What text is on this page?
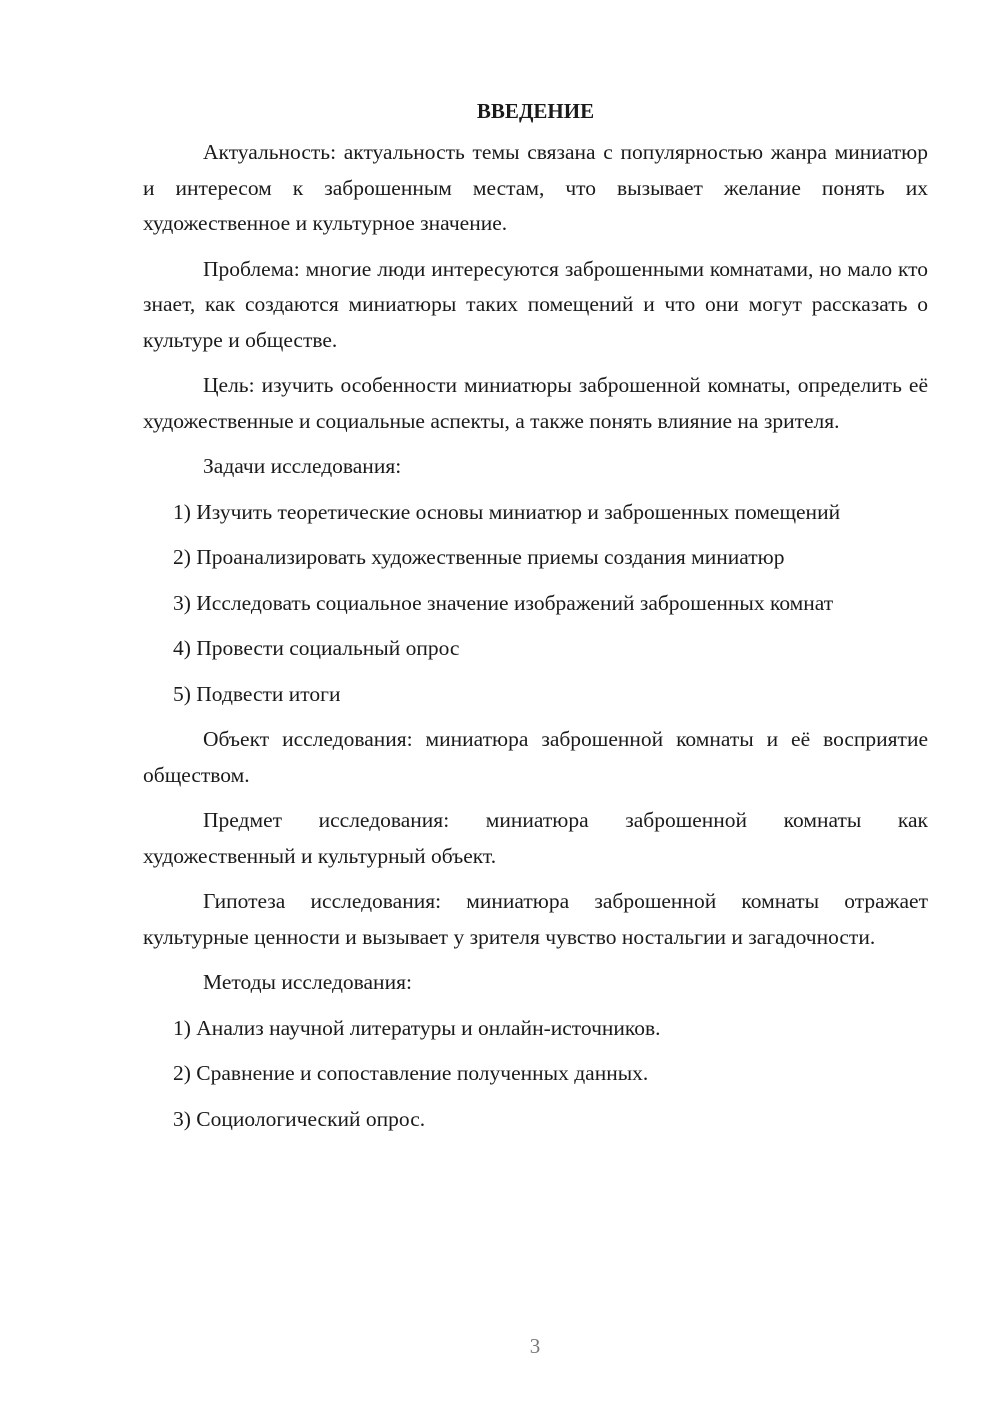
ВВЕДЕНИЕ

Актуальность: актуальность темы связана с популярностью жанра миниатюр и интересом к заброшенным местам, что вызывает желание понять их художественное и культурное значение.

Проблема: многие люди интересуются заброшенными комнатами, но мало кто знает, как создаются миниатюры таких помещений и что они могут рассказать о культуре и обществе.

Цель: изучить особенности миниатюры заброшенной комнаты, определить её художественные и социальные аспекты, а также понять влияние на зрителя.

Задачи исследования:

1) Изучить теоретические основы миниатюр и заброшенных помещений

2) Проанализировать художественные приемы создания миниатюр

3) Исследовать социальное значение изображений заброшенных комнат

4) Провести социальный опрос

5) Подвести итоги

Объект исследования: миниатюра заброшенной комнаты и её восприятие обществом.

Предмет исследования: миниатюра заброшенной комнаты как художественный и культурный объект.

Гипотеза исследования: миниатюра заброшенной комнаты отражает культурные ценности и вызывает у зрителя чувство ностальгии и загадочности.

Методы исследования:

1) Анализ научной литературы и онлайн-источников.

2) Сравнение и сопоставление полученных данных.

3) Социологический опрос.

3
